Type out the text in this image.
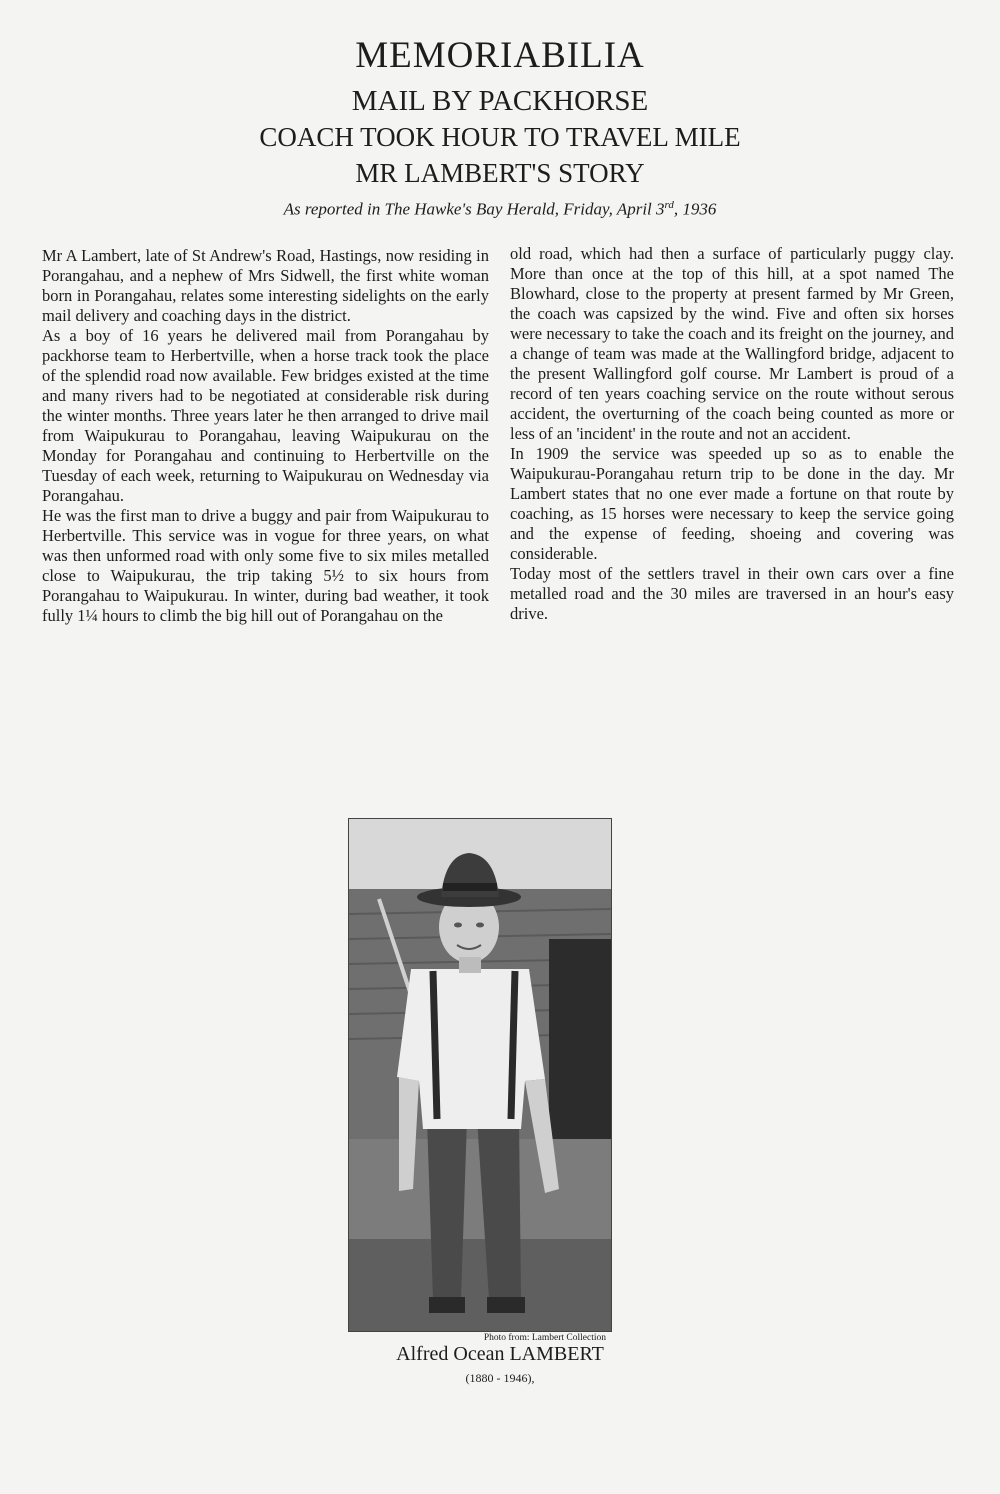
MEMORIABILIA
MAIL BY PACKHORSE
COACH TOOK HOUR TO TRAVEL MILE
MR LAMBERT'S STORY
As reported in The Hawke's Bay Herald, Friday, April 3rd, 1936

Mr A Lambert, late of St Andrew's Road, Hastings, now residing in Porangahau, and a nephew of Mrs Sidwell, the first white woman born in Porangahau, relates some interesting sidelights on the early mail delivery and coaching days in the district.

As a boy of 16 years he delivered mail from Porangahau by packhorse team to Herbertville, when a horse track took the place of the splendid road now available. Few bridges existed at the time and many rivers had to be negotiated at considerable risk during the winter months. Three years later he then arranged to drive mail from Waipukurau to Porangahau, leaving Waipukurau on the Monday for Porangahau and continuing to Herbertville on the Tuesday of each week, returning to Waipukurau on Wednesday via Porangahau.

He was the first man to drive a buggy and pair from Waipukurau to Herbertville. This service was in vogue for three years, on what was then unformed road with only some five to six miles metalled close to Waipukurau, the trip taking 5½ to six hours from Porangahau to Waipukurau. In winter, during bad weather, it took fully 1¼ hours to climb the big hill out of Porangahau on the

old road, which had then a surface of particularly puggy clay. More than once at the top of this hill, at a spot named The Blowhard, close to the property at present farmed by Mr Green, the coach was capsized by the wind. Five and often six horses were necessary to take the coach and its freight on the journey, and a change of team was made at the Wallingford bridge, adjacent to the present Wallingford golf course. Mr Lambert is proud of a record of ten years coaching service on the route without serous accident, the overturning of the coach being counted as more or less of an 'incident' in the route and not an accident.

In 1909 the service was speeded up so as to enable the Waipukurau-Porangahau return trip to be done in the day. Mr Lambert states that no one ever made a fortune on that route by coaching, as 15 horses were necessary to keep the service going and the expense of feeding, shoeing and covering was considerable.

Today most of the settlers travel in their own cars over a fine metalled road and the 30 miles are traversed in an hour's easy drive.

Photo from: Lambert Collection
Alfred Ocean LAMBERT
(1880 - 1946),
